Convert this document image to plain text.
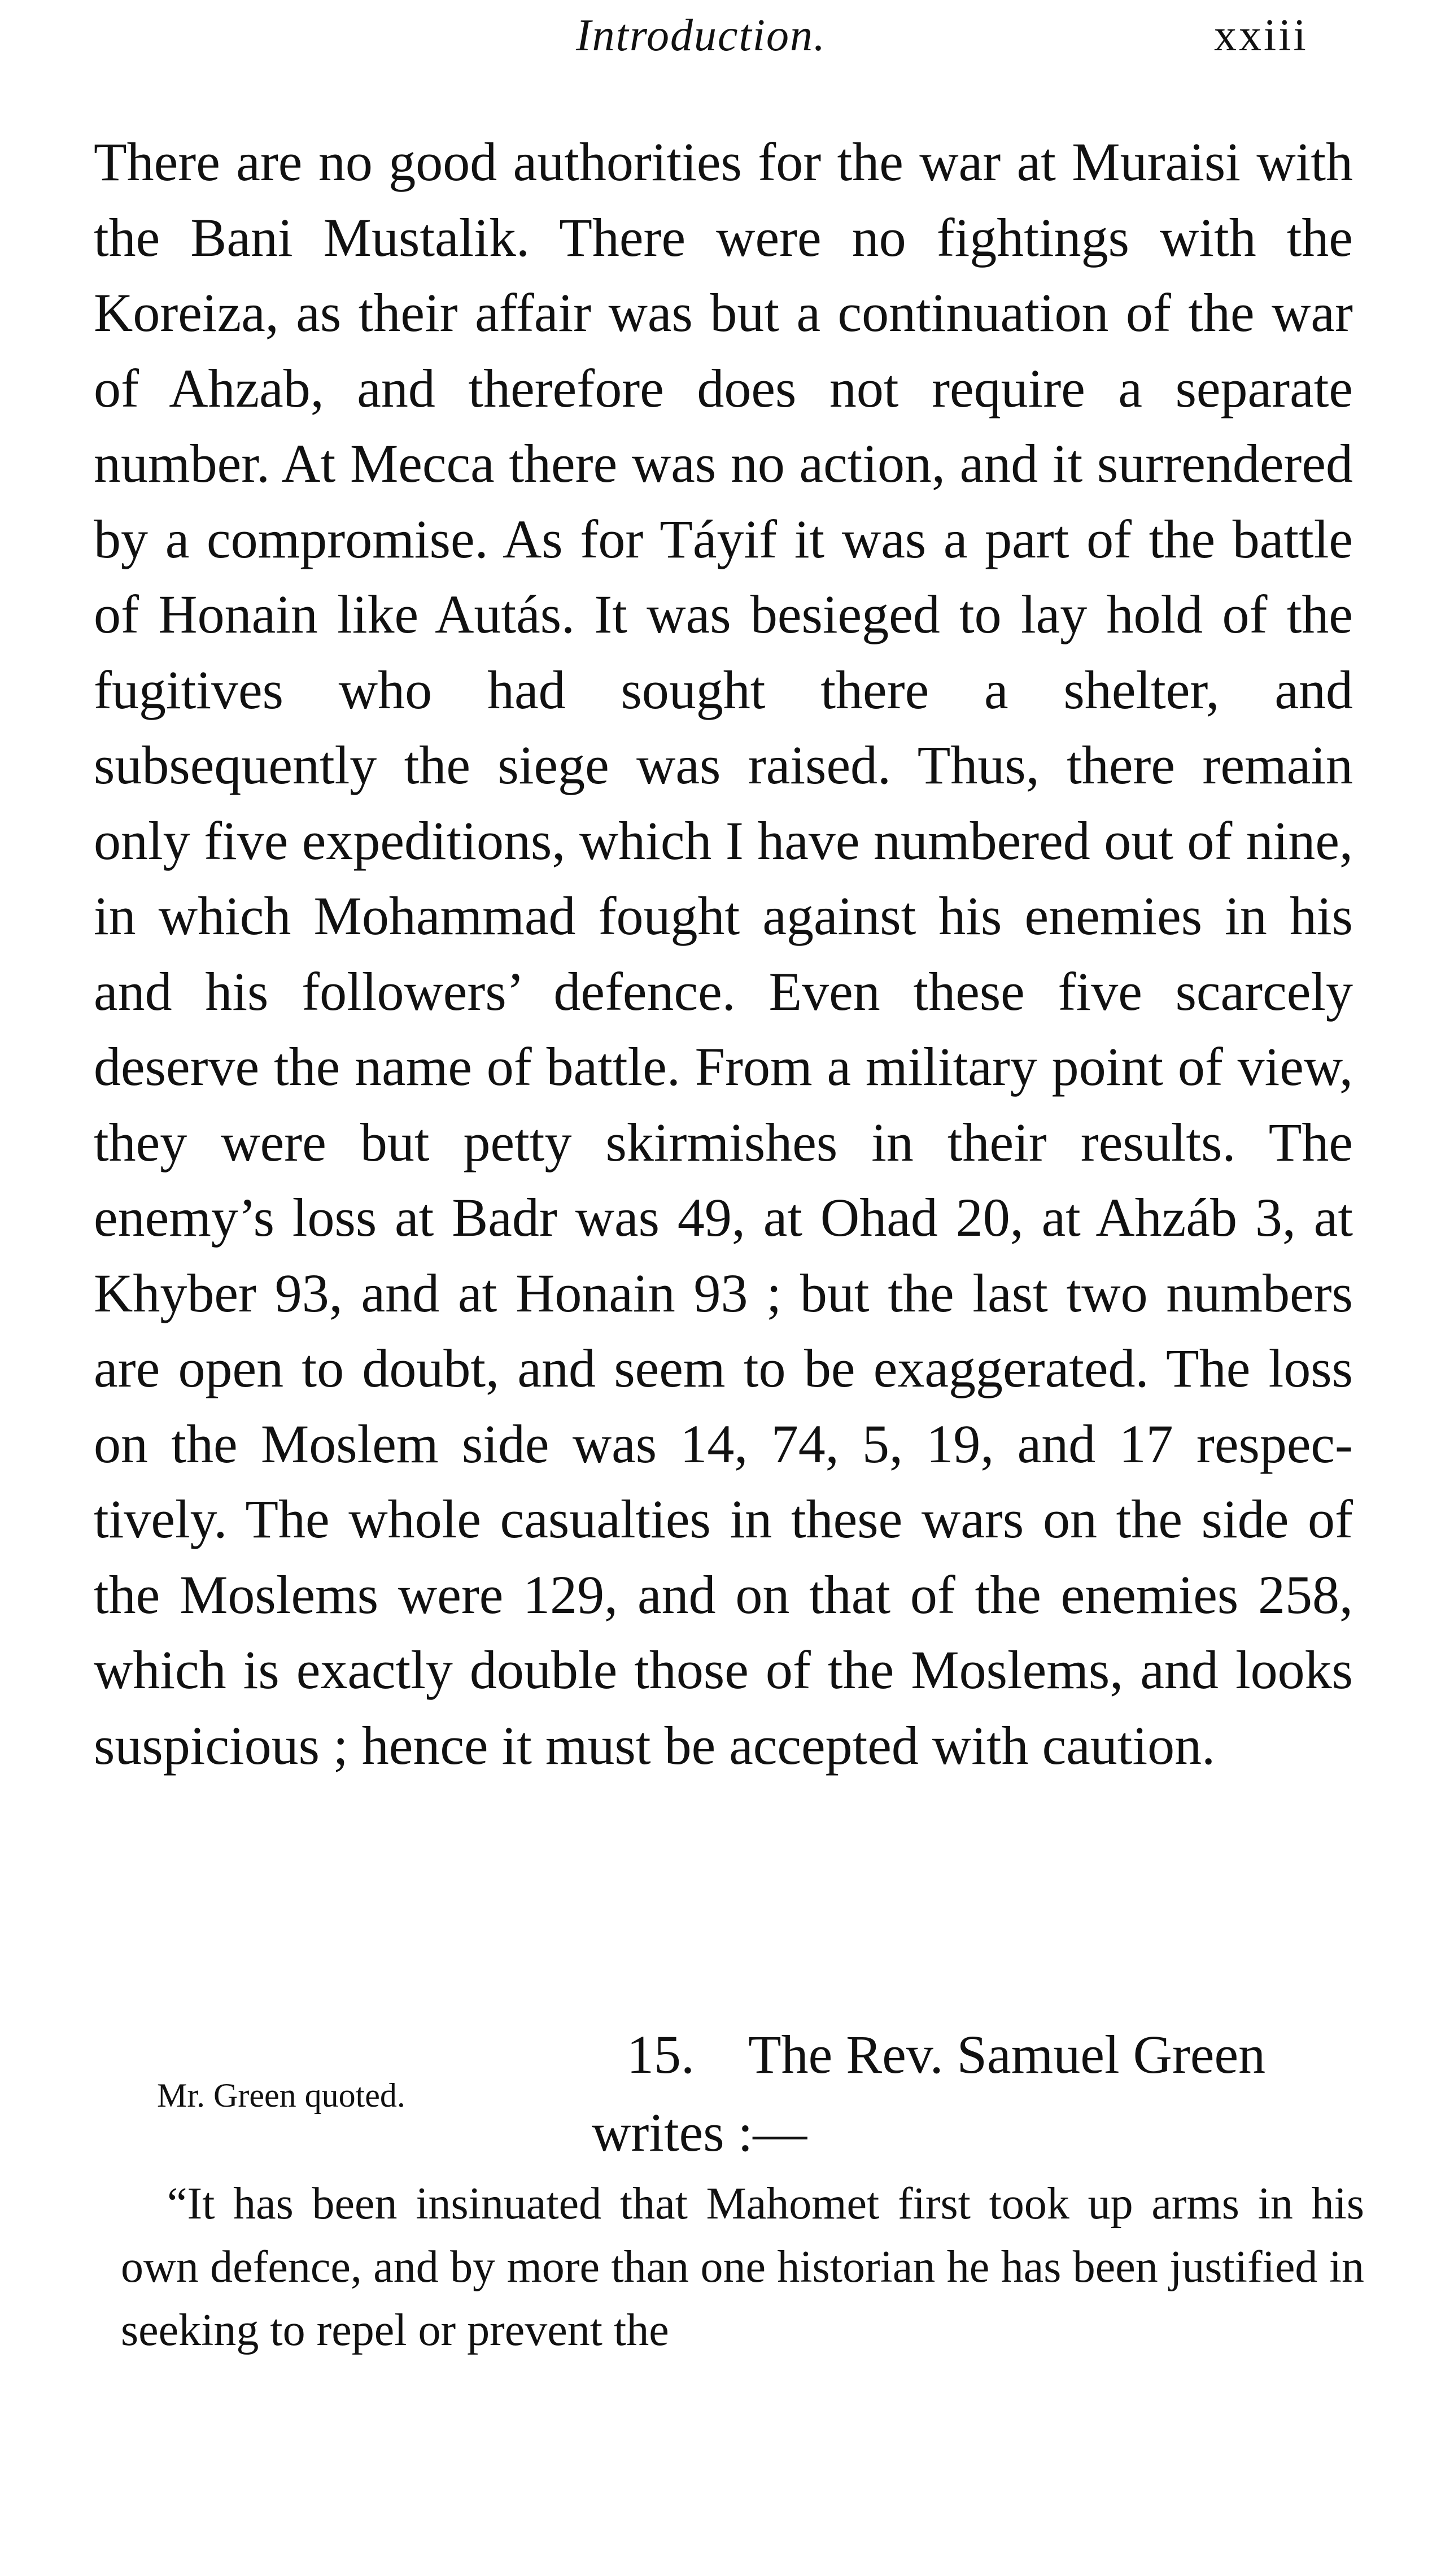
Introduction.	xxiii

There are no good authorities for the war at Muraisi with the Bani Mustalik. There were no fightings with the Koreiza, as their affair was but a continuation of the war of Ahzab, and therefore does not require a separate number. At Mecca there was no action, and it surrendered by a compromise. As for Táyif it was a part of the battle of Honain like Autás. It was besieged to lay hold of the fugitives who had sought there a shelter, and subsequently the siege was raised. Thus, there remain only five expeditions, which I have numbered out of nine, in which Mohammad fought against his enemies in his and his followers’ defence. Even these five scarcely deserve the name of battle. From a military point of view, they were but petty skirmishes in their results. The enemy’s loss at Badr was 49, at Ohad 20, at Ahzáb 3, at Khyber 93, and at Honain 93 ; but the last two numbers are open to doubt, and seem to be exaggerated. The loss on the Moslem side was 14, 74, 5, 19, and 17 respectively. The whole casualties in these wars on the side of the Moslems were 129, and on that of the enemies 258, which is exactly double those of the Moslems, and looks suspicious ; hence it must be accepted with caution.

15. The Rev. Samuel Green
writes :—
Mr. Green quoted.

“It has been insinuated that Mahomet first took up arms in his own defence, and by more than one historian he has been justified in seeking to repel or prevent the
